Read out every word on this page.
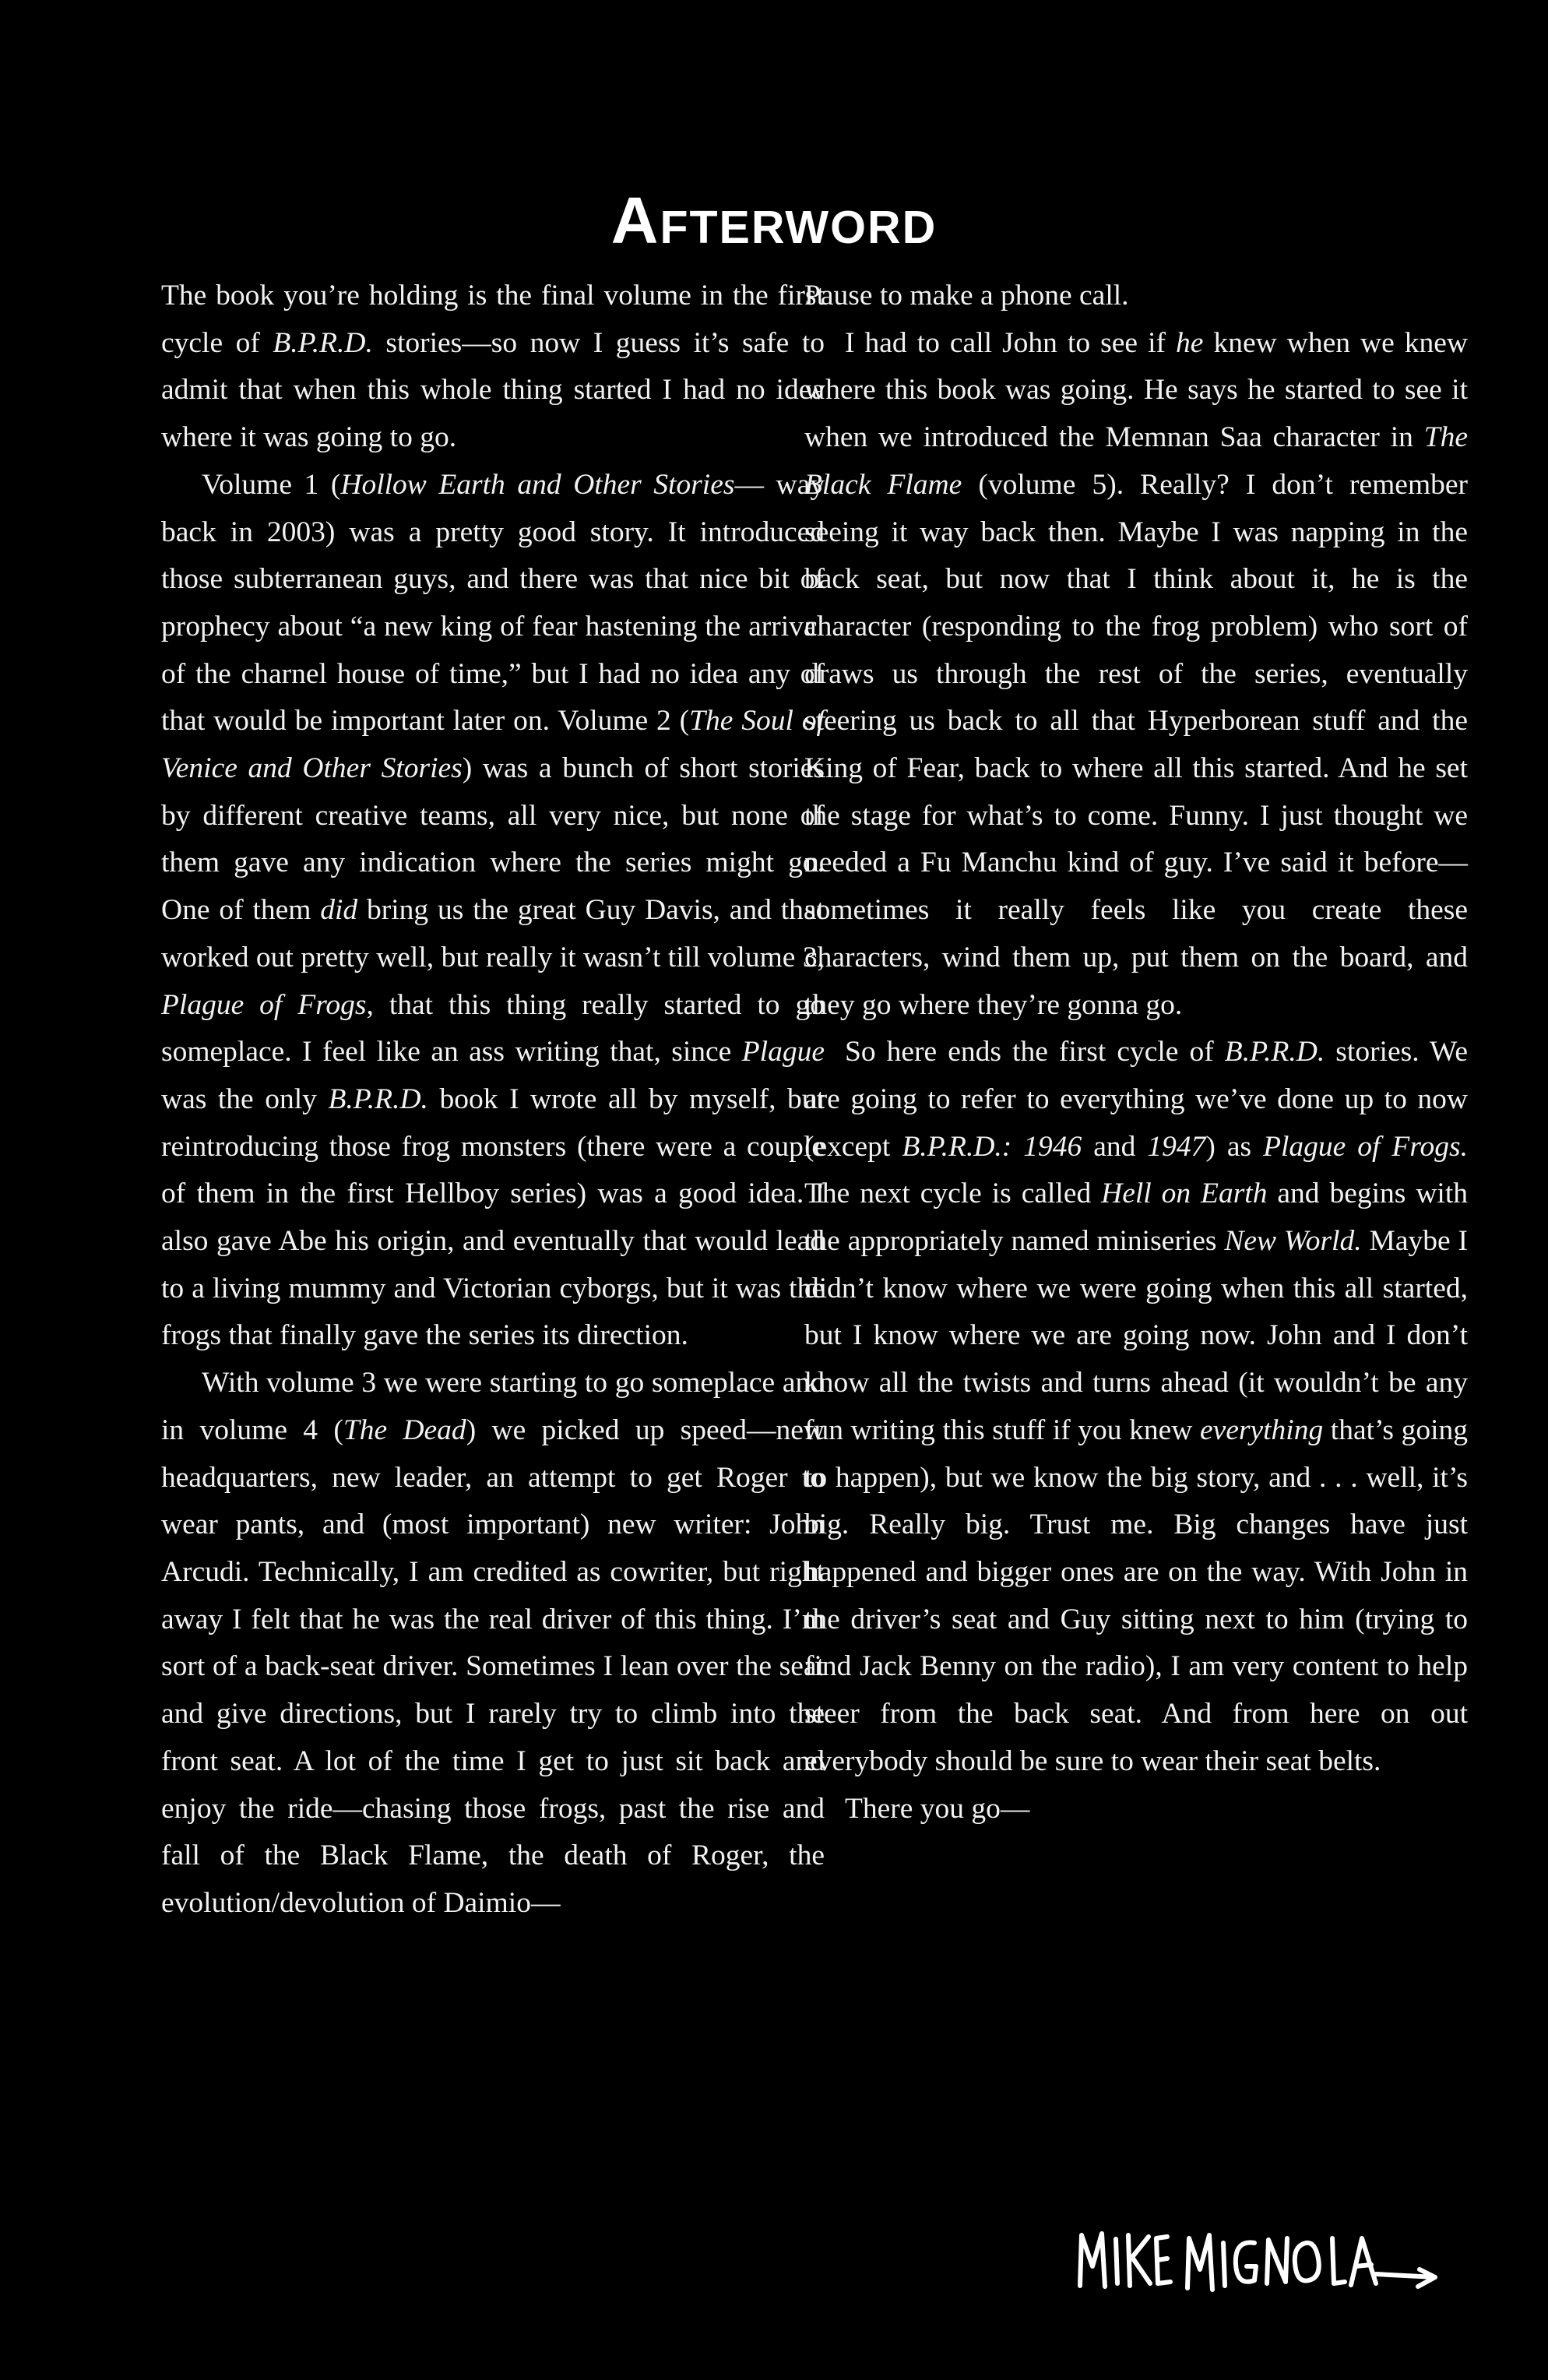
Afterword

The book you’re holding is the final volume in the first cycle of B.P.R.D. stories—so now I guess it’s safe to admit that when this whole thing started I had no idea where it was going to go.

Volume 1 (Hollow Earth and Other Stories— way back in 2003) was a pretty good story. It introduced those subterranean guys, and there was that nice bit of prophecy about “a new king of fear hastening the arrival of the charnel house of time,” but I had no idea any of that would be important later on. Volume 2 (The Soul of Venice and Other Stories) was a bunch of short stories by different creative teams, all very nice, but none of them gave any indication where the series might go. One of them did bring us the great Guy Davis, and that worked out pretty well, but really it wasn’t till volume 3, Plague of Frogs, that this thing really started to go someplace. I feel like an ass writing that, since Plague was the only B.P.R.D. book I wrote all by myself, but reintroducing those frog monsters (there were a couple of them in the first Hellboy series) was a good idea. I also gave Abe his origin, and eventually that would lead to a living mummy and Victorian cyborgs, but it was the frogs that finally gave the series its direction.

With volume 3 we were starting to go someplace and in volume 4 (The Dead) we picked up speed—new headquarters, new leader, an attempt to get Roger to wear pants, and (most important) new writer: John Arcudi. Technically, I am credited as cowriter, but right away I felt that he was the real driver of this thing. I’m sort of a back-seat driver. Sometimes I lean over the seat and give directions, but I rarely try to climb into the front seat. A lot of the time I get to just sit back and enjoy the ride—chasing those frogs, past the rise and fall of the Black Flame, the death of Roger, the evolution/devolution of Daimio—

Pause to make a phone call.

I had to call John to see if he knew when we knew where this book was going. He says he started to see it when we introduced the Memnan Saa character in The Black Flame (volume 5). Really? I don’t remember seeing it way back then. Maybe I was napping in the back seat, but now that I think about it, he is the character (responding to the frog problem) who sort of draws us through the rest of the series, eventually steering us back to all that Hyperborean stuff and the King of Fear, back to where all this started. And he set the stage for what’s to come. Funny. I just thought we needed a Fu Manchu kind of guy. I’ve said it before—sometimes it really feels like you create these characters, wind them up, put them on the board, and they go where they’re gonna go.

So here ends the first cycle of B.P.R.D. stories. We are going to refer to everything we’ve done up to now (except B.P.R.D.: 1946 and 1947) as Plague of Frogs. The next cycle is called Hell on Earth and begins with the appropriately named miniseries New World. Maybe I didn’t know where we were going when this all started, but I know where we are going now. John and I don’t know all the twists and turns ahead (it wouldn’t be any fun writing this stuff if you knew everything that’s going to happen), but we know the big story, and . . . well, it’s big. Really big. Trust me. Big changes have just happened and bigger ones are on the way. With John in the driver’s seat and Guy sitting next to him (trying to find Jack Benny on the radio), I am very content to help steer from the back seat. And from here on out everybody should be sure to wear their seat belts.

There you go—
